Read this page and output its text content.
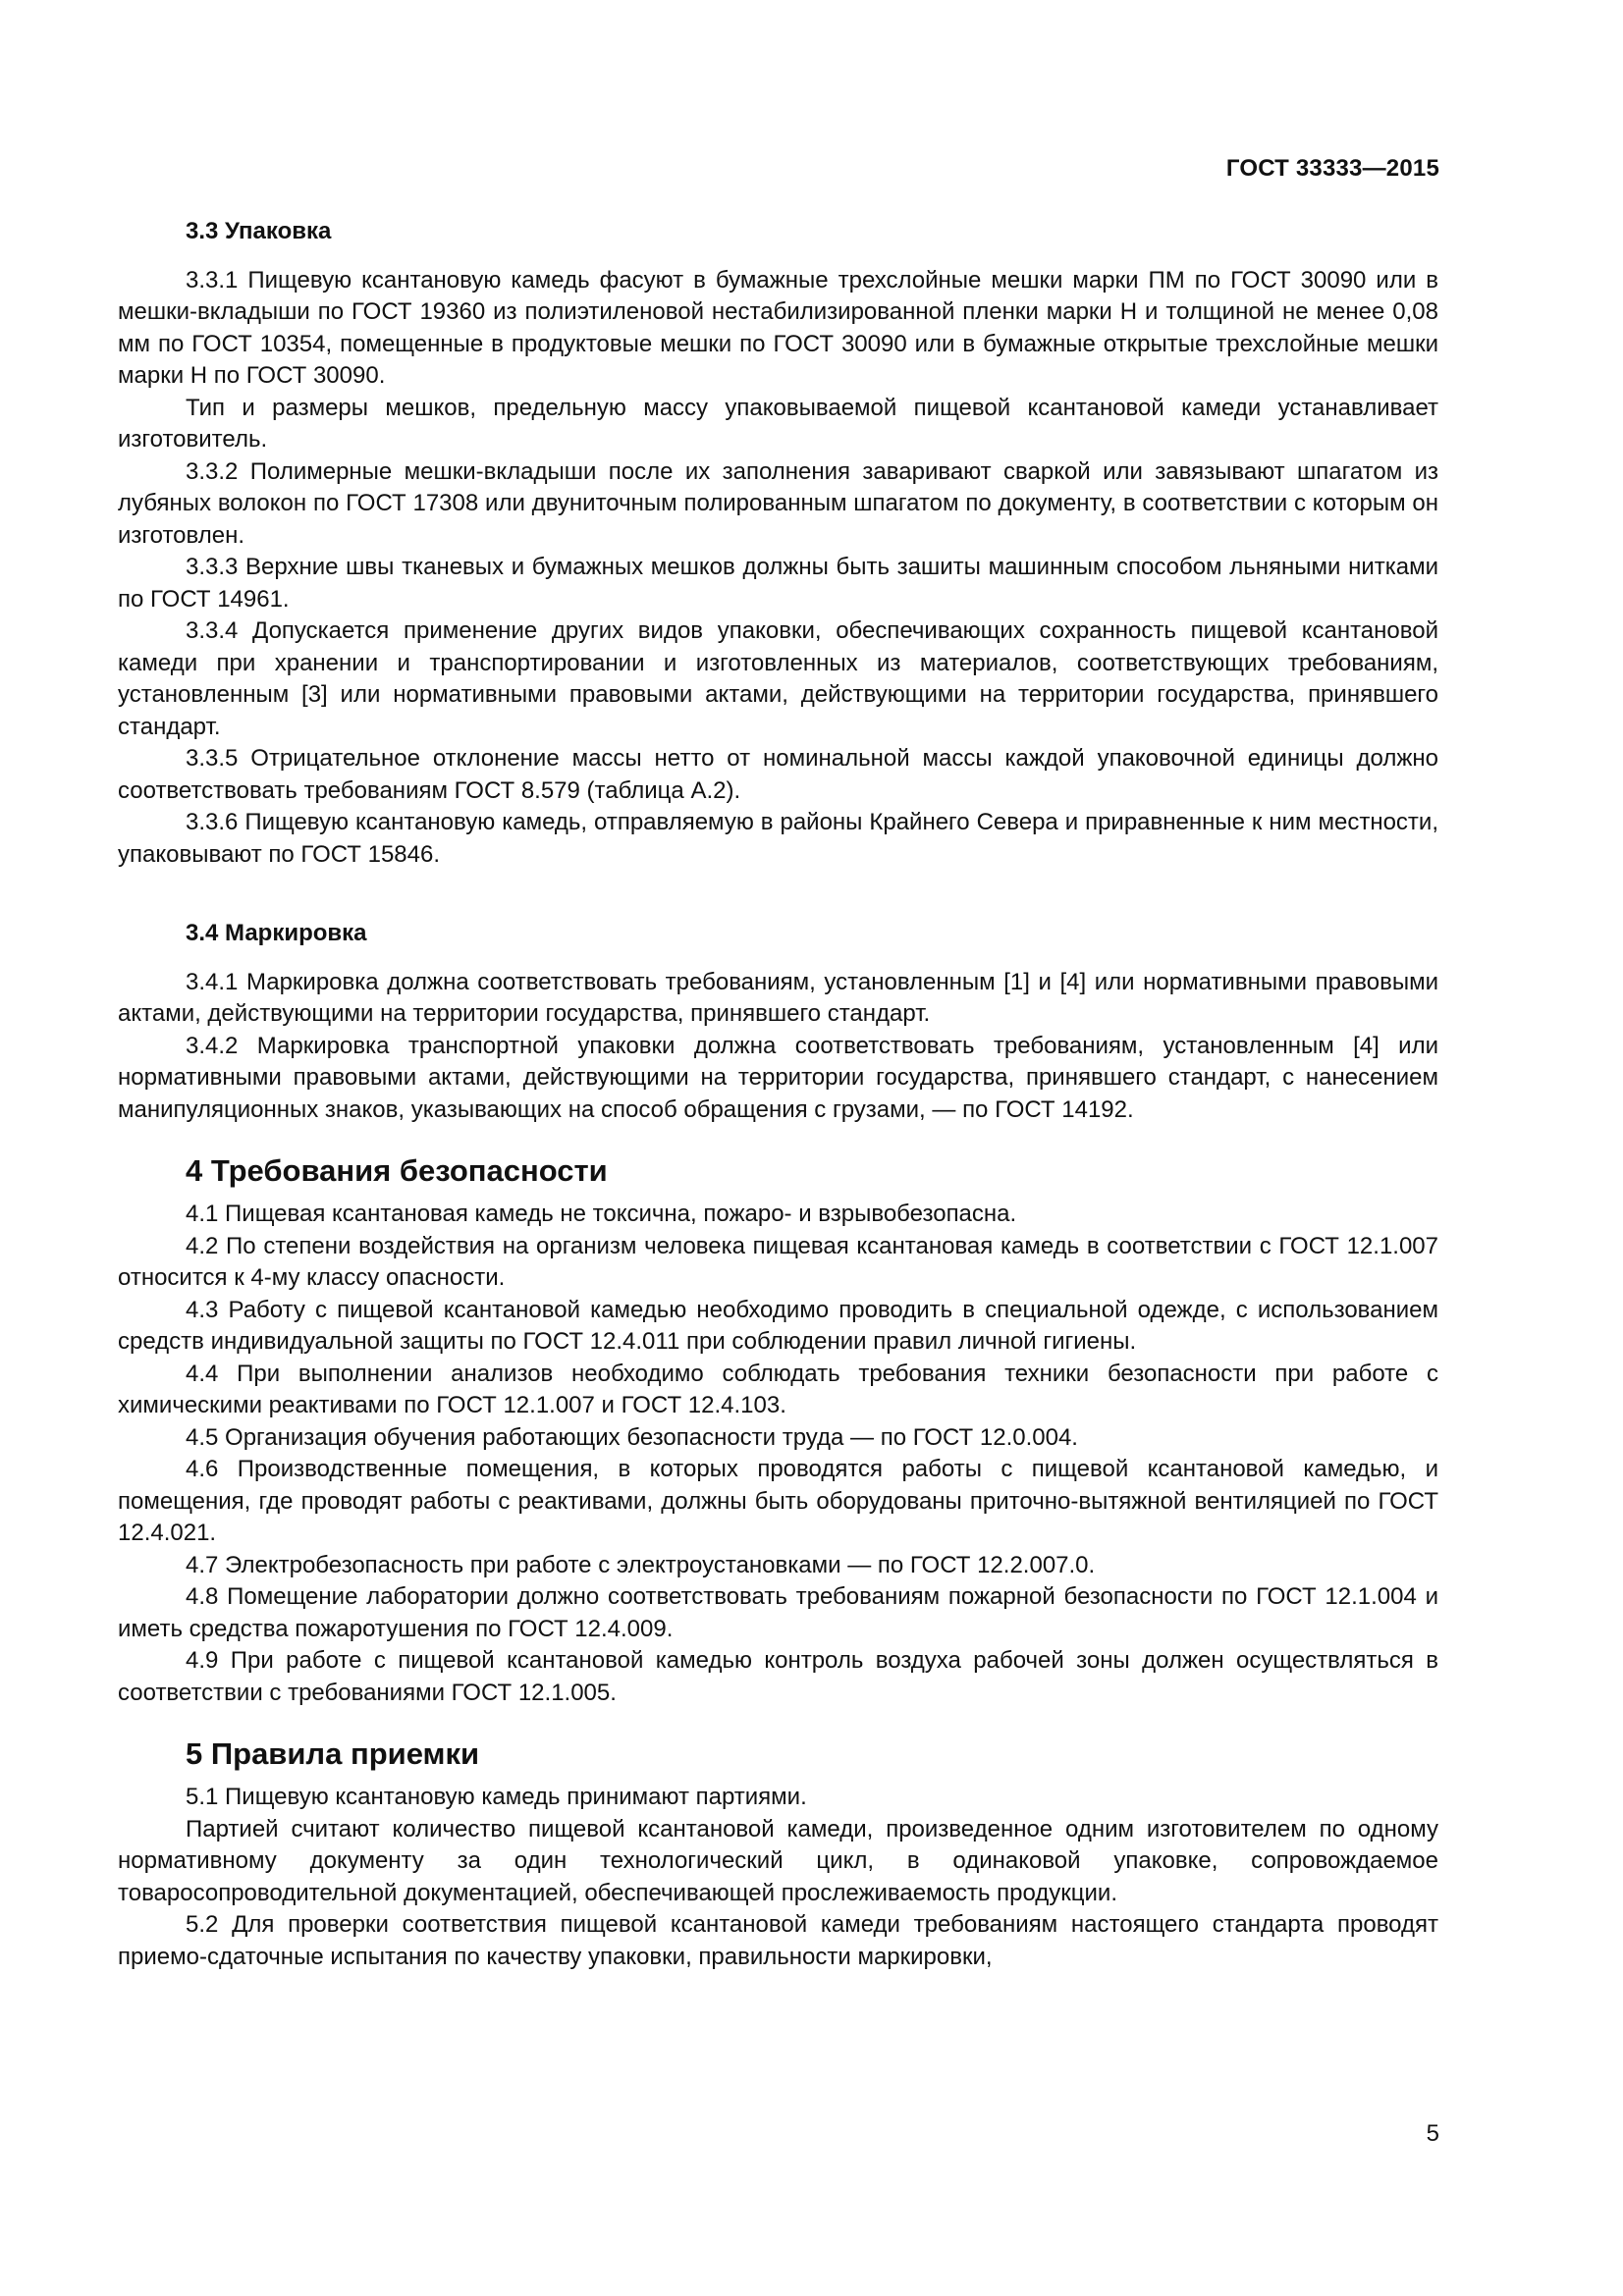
ГОСТ 33333—2015
3.3 Упаковка

3.3.1 Пищевую ксантановую камедь фасуют в бумажные трехслойные мешки марки ПМ по ГОСТ 30090 или в мешки-вкладыши по ГОСТ 19360 из полиэтиленовой нестабилизированной пленки марки Н и толщиной не менее 0,08 мм по ГОСТ 10354, помещенные в продуктовые мешки по ГОСТ 30090 или в бумажные открытые трехслойные мешки марки Н по ГОСТ 30090.

Тип и размеры мешков, предельную массу упаковываемой пищевой ксантановой камеди устанавливает изготовитель.

3.3.2 Полимерные мешки-вкладыши после их заполнения заваривают сваркой или завязывают шпагатом из лубяных волокон по ГОСТ 17308 или двуниточным полированным шпагатом по документу, в соответствии с которым он изготовлен.

3.3.3 Верхние швы тканевых и бумажных мешков должны быть зашиты машинным способом льняными нитками по ГОСТ 14961.

3.3.4 Допускается применение других видов упаковки, обеспечивающих сохранность пищевой ксантановой камеди при хранении и транспортировании и изготовленных из материалов, соответствующих требованиям, установленным [3] или нормативными правовыми актами, действующими на территории государства, принявшего стандарт.

3.3.5 Отрицательное отклонение массы нетто от номинальной массы каждой упаковочной единицы должно соответствовать требованиям ГОСТ 8.579 (таблица А.2).

3.3.6 Пищевую ксантановую камедь, отправляемую в районы Крайнего Севера и приравненные к ним местности, упаковывают по ГОСТ 15846.

3.4 Маркировка

3.4.1 Маркировка должна соответствовать требованиям, установленным [1] и [4] или нормативными правовыми актами, действующими на территории государства, принявшего стандарт.

3.4.2 Маркировка транспортной упаковки должна соответствовать требованиям, установленным [4] или нормативными правовыми актами, действующими на территории государства, принявшего стандарт, с нанесением манипуляционных знаков, указывающих на способ обращения с грузами, — по ГОСТ 14192.

4 Требования безопасности

4.1 Пищевая ксантановая камедь не токсична, пожаро- и взрывобезопасна.

4.2 По степени воздействия на организм человека пищевая ксантановая камедь в соответствии с ГОСТ 12.1.007 относится к 4-му классу опасности.

4.3 Работу с пищевой ксантановой камедью необходимо проводить в специальной одежде, с использованием средств индивидуальной защиты по ГОСТ 12.4.011 при соблюдении правил личной гигиены.

4.4 При выполнении анализов необходимо соблюдать требования техники безопасности при работе с химическими реактивами по ГОСТ 12.1.007 и ГОСТ 12.4.103.

4.5 Организация обучения работающих безопасности труда — по ГОСТ 12.0.004.

4.6 Производственные помещения, в которых проводятся работы с пищевой ксантановой камедью, и помещения, где проводят работы с реактивами, должны быть оборудованы приточно-вытяжной вентиляцией по ГОСТ 12.4.021.

4.7 Электробезопасность при работе с электроустановками — по ГОСТ 12.2.007.0.

4.8 Помещение лаборатории должно соответствовать требованиям пожарной безопасности по ГОСТ 12.1.004 и иметь средства пожаротушения по ГОСТ 12.4.009.

4.9 При работе с пищевой ксантановой камедью контроль воздуха рабочей зоны должен осуществляться в соответствии с требованиями ГОСТ 12.1.005.

5 Правила приемки

5.1 Пищевую ксантановую камедь принимают партиями.

Партией считают количество пищевой ксантановой камеди, произведенное одним изготовителем по одному нормативному документу за один технологический цикл, в одинаковой упаковке, сопровождаемое товаросопроводительной документацией, обеспечивающей прослеживаемость продукции.

5.2 Для проверки соответствия пищевой ксантановой камеди требованиям настоящего стандарта проводят приемо-сдаточные испытания по качеству упаковки, правильности маркировки,

5
